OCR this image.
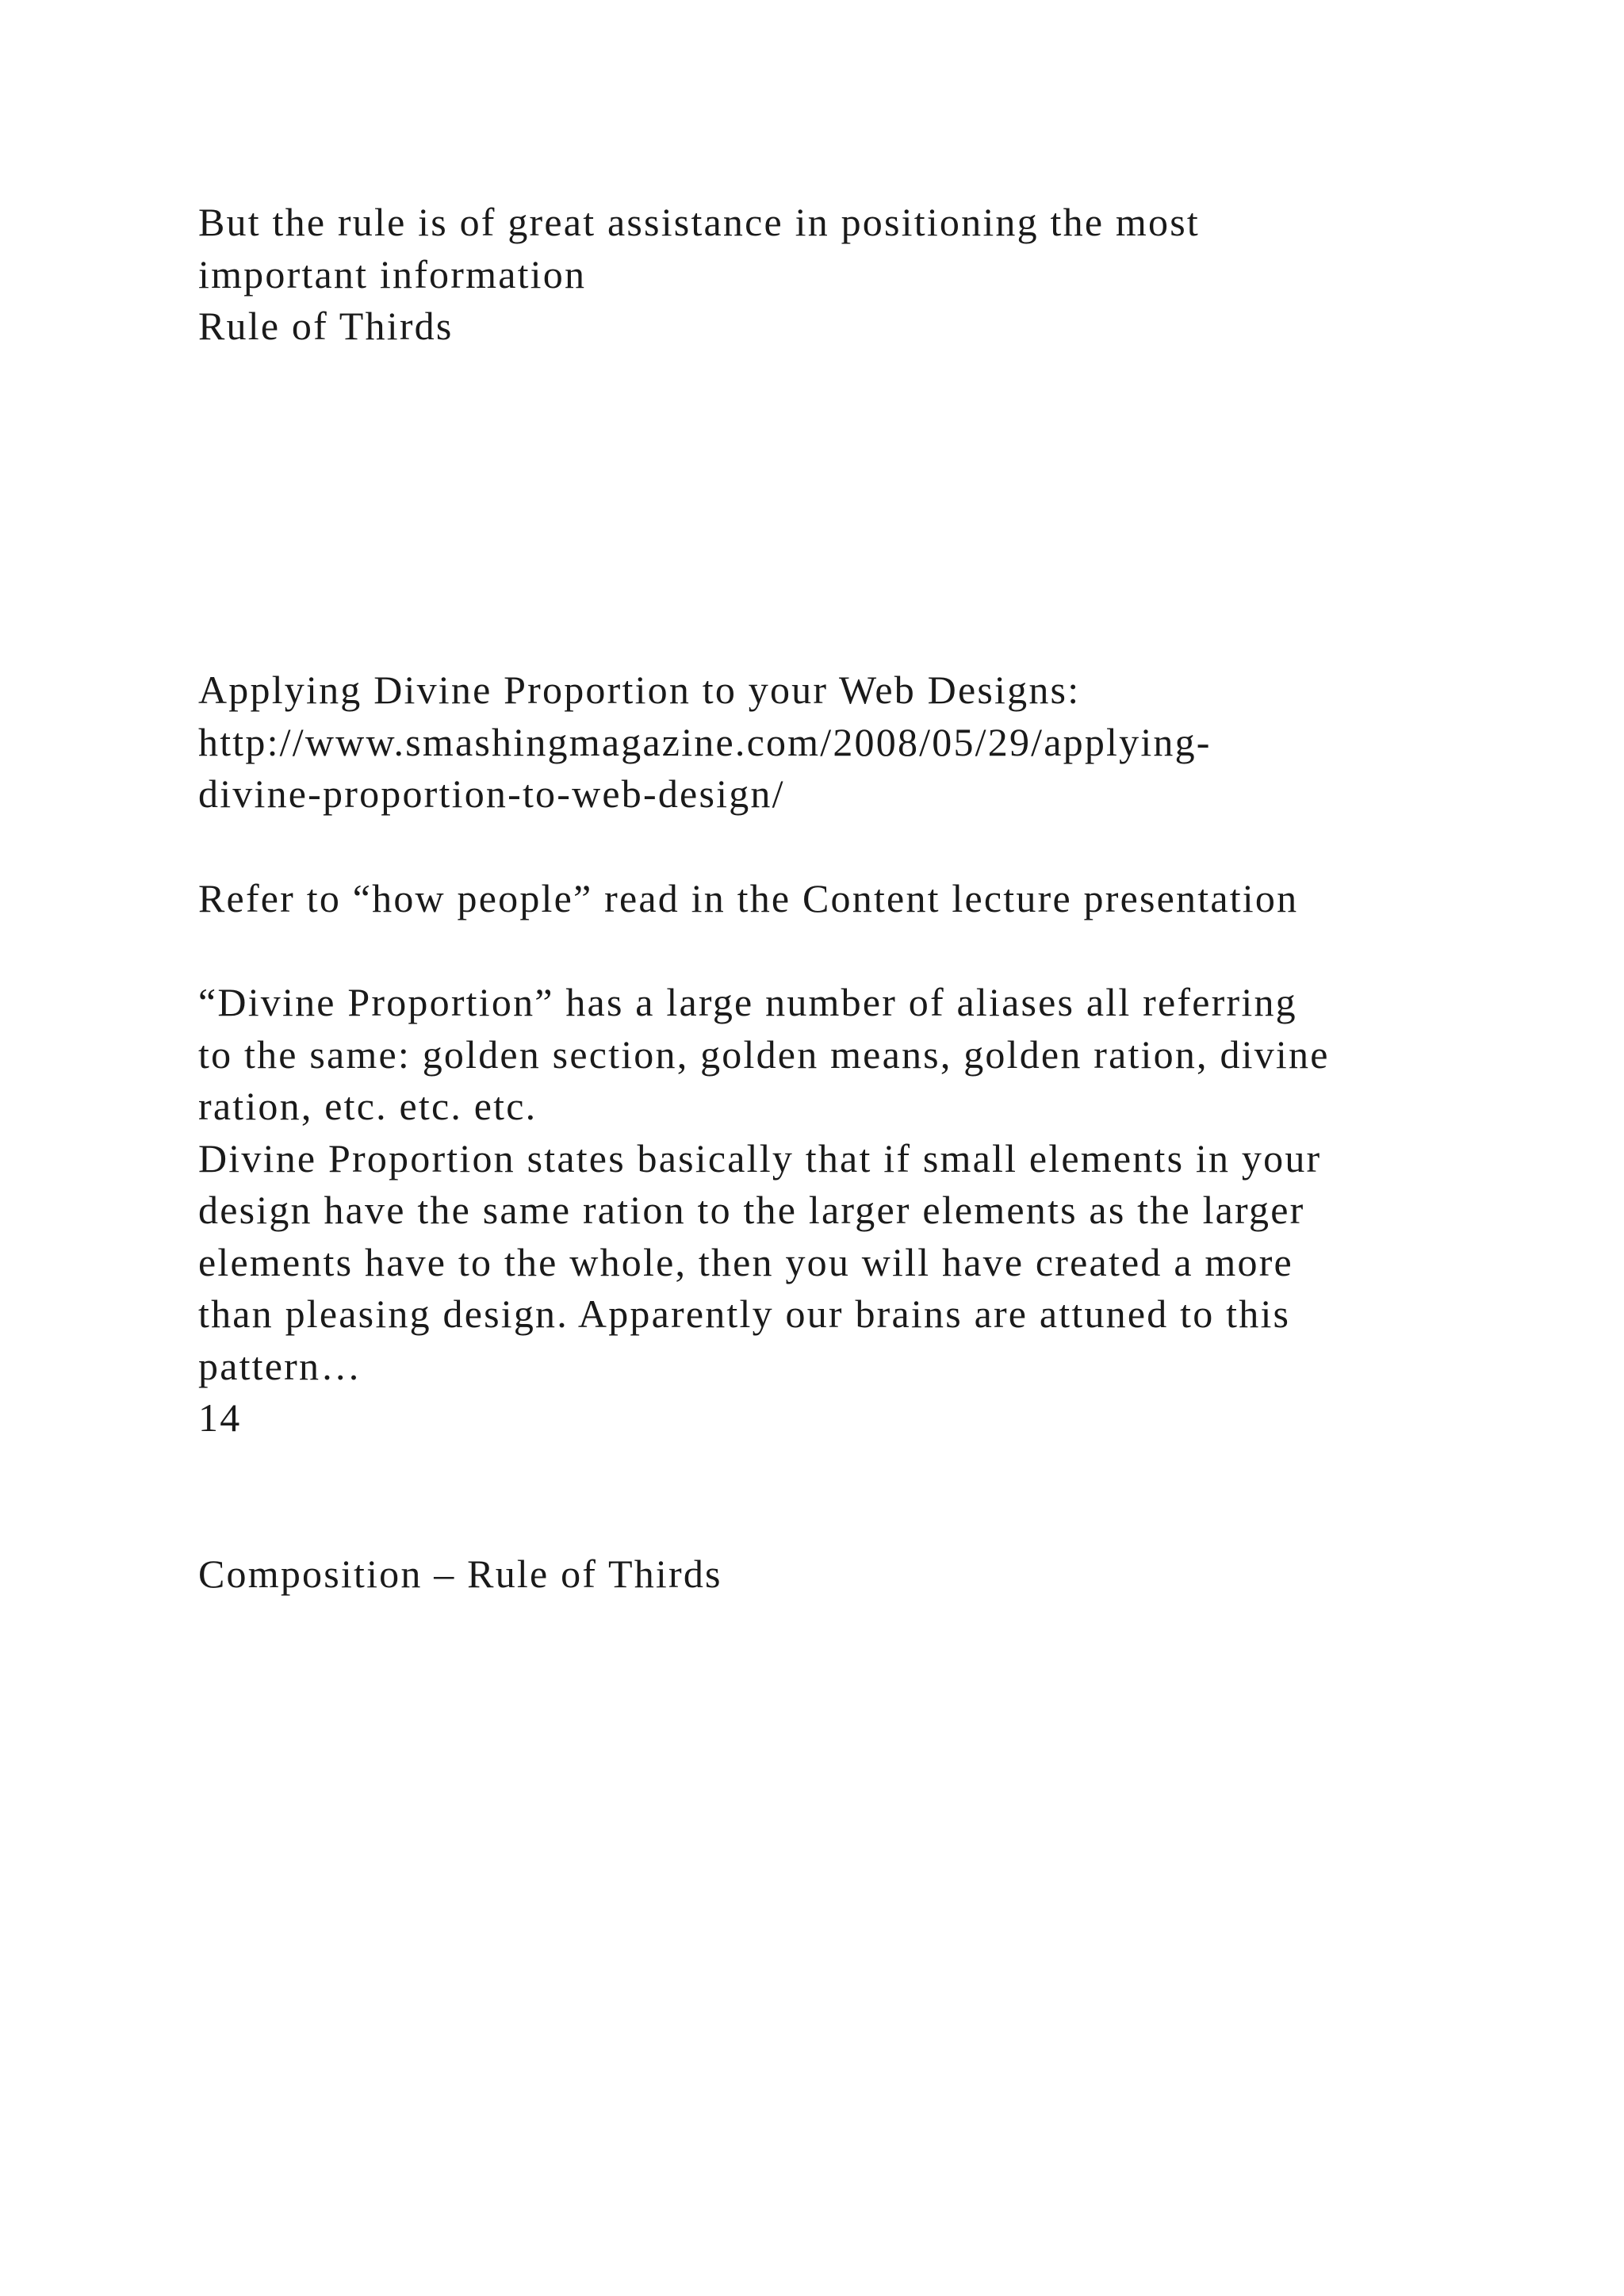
But the rule is of great assistance in positioning the most
important information
Rule of Thirds
Applying Divine Proportion to your Web Designs:
http://www.smashingmagazine.com/2008/05/29/applying-
divine-proportion-to-web-design/
Refer to “how people” read in the Content lecture presentation
“Divine Proportion” has a large number of aliases all referring
to the same: golden section, golden means, golden ration, divine
ration, etc. etc. etc.
Divine Proportion states basically that if small elements in your
design have the same ration to the larger elements as the larger
elements have to the whole, then you will have created a more
than pleasing design. Apparently our brains are attuned to this
pattern…
14
Composition – Rule of Thirds
